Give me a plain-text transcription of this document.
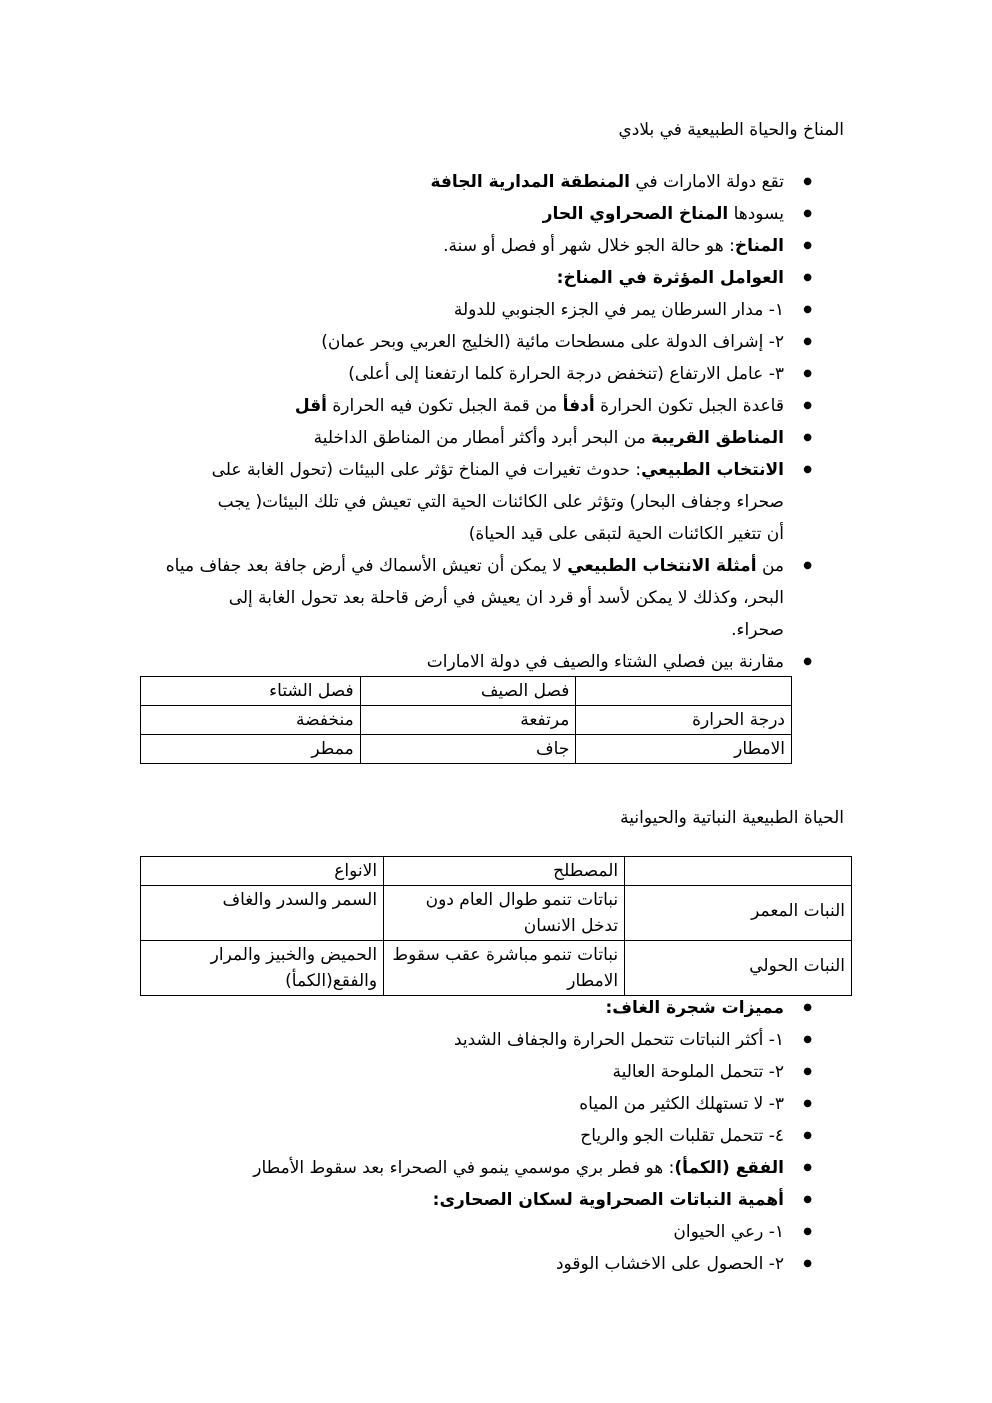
المناخ والحياة الطبيعية في بلادي
● تقع دولة الامارات في المنطقة المدارية الجافة
● يسودها المناخ الصحراوي الحار
● المناخ: هو حالة الجو خلال شهر أو فصل أو سنة.
● العوامل المؤثرة في المناخ:
● ١- مدار السرطان يمر في الجزء الجنوبي للدولة
● ٢- إشراف الدولة على مسطحات مائية (الخليج العربي وبحر عمان)
● ٣- عامل الارتفاع (تنخفض درجة الحرارة كلما ارتفعنا إلى أعلى)
● قاعدة الجبل تكون الحرارة أدفأ من قمة الجبل تكون فيه الحرارة أقل
● المناطق القريبة من البحر أبرد وأكثر أمطار من المناطق الداخلية
● الانتخاب الطبيعي: حدوث تغيرات في المناخ تؤثر على البيئات (تحول الغابة على
صحراء وجفاف البحار) وتؤثر على الكائنات الحية التي تعيش في تلك البيئات( يجب
أن تتغير الكائنات الحية لتبقى على قيد الحياة)
● من أمثلة الانتخاب الطبيعي لا يمكن أن تعيش الأسماك في أرض جافة بعد جفاف مياه
البحر، وكذلك لا يمكن لأسد أو قرد ان يعيش في أرض قاحلة بعد تحول الغابة إلى
صحراء.
● مقارنة بين فصلي الشتاء والصيف في دولة الامارات
	فصل الصيف	فصل الشتاء
درجة الحرارة	مرتفعة	منخفضة
الامطار	جاف	ممطر
الحياة الطبيعية النباتية والحيوانية
	المصطلح	الانواع
النبات المعمر	نباتات تنمو طوال العام دون تدخل الانسان	السمر والسدر والغاف
النبات الحولي	نباتات تنمو مباشرة عقب سقوط الامطار	الحميض والخبيز والمرار والفقع(الكمأ)
● مميزات شجرة الغاف:
● ١- أكثر النباتات تتحمل الحرارة والجفاف الشديد
● ٢- تتحمل الملوحة العالية
● ٣- لا تستهلك الكثير من المياه
● ٤- تتحمل تقلبات الجو والرياح
● الفقع (الكمأ): هو فطر بري موسمي ينمو في الصحراء بعد سقوط الأمطار
● أهمية النباتات الصحراوية لسكان الصحارى:
● ١- رعي الحيوان
● ٢- الحصول على الاخشاب الوقود
